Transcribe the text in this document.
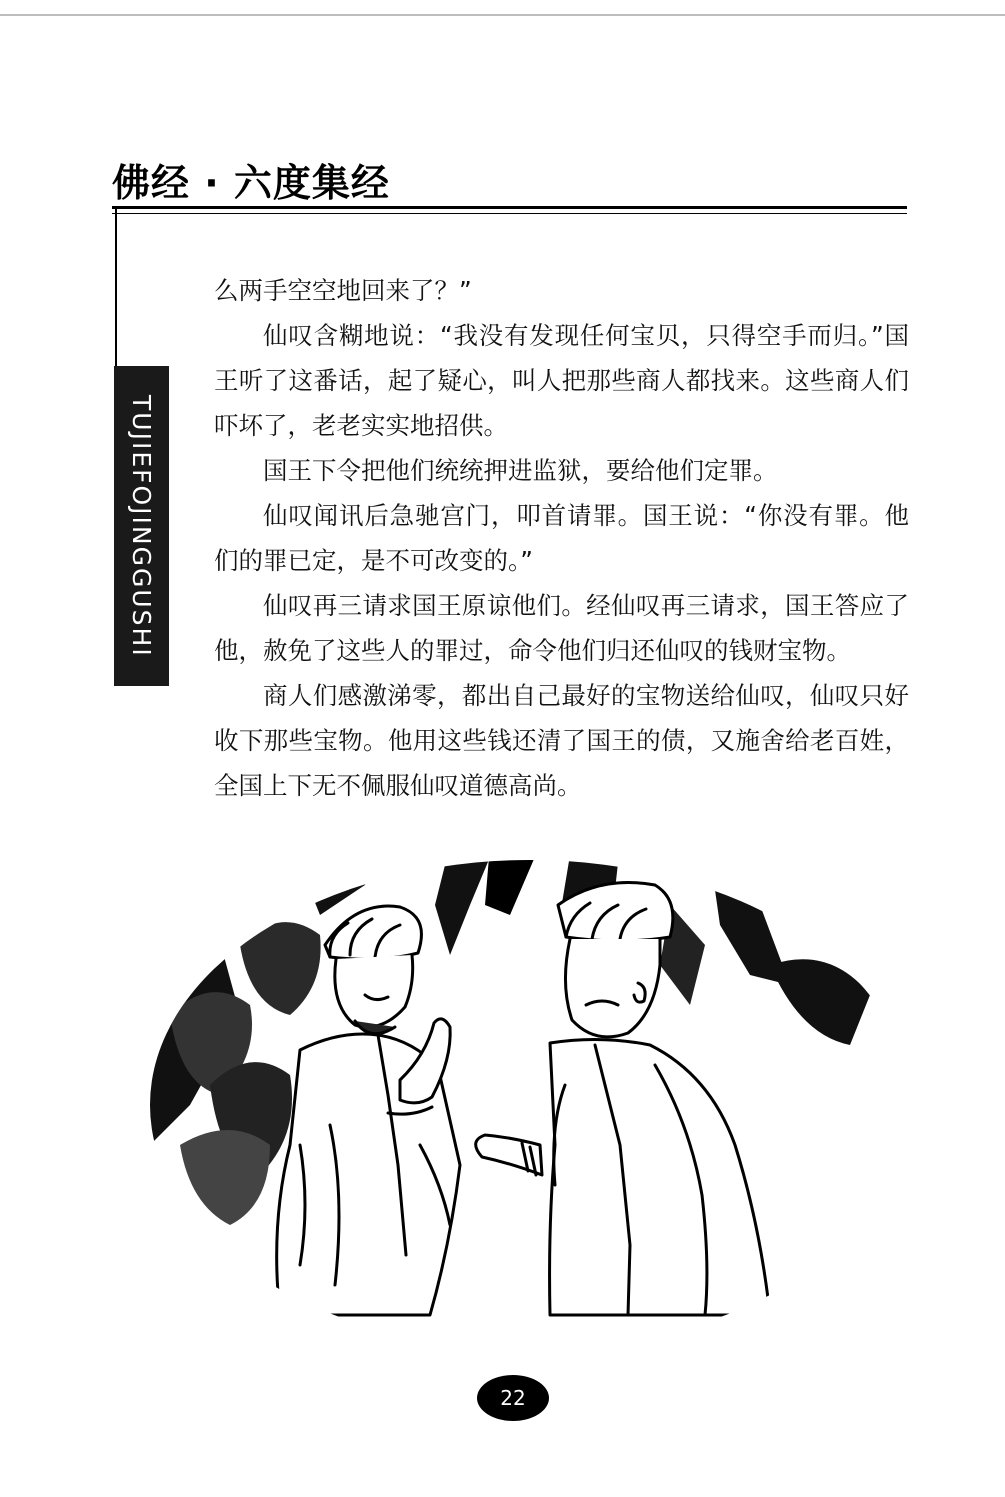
佛经 · 六度集经
TUJIEFOJINGGUSHI

么两手空空地回来了？”

仙叹含糊地说：“我没有发现任何宝贝，只得空手而归。”国王听了这番话，起了疑心，叫人把那些商人都找来。这些商人们吓坏了，老老实实地招供。

国王下令把他们统统押进监狱，要给他们定罪。

仙叹闻讯后急驰宫门，叩首请罪。国王说：“你没有罪。他们的罪已定，是不可改变的。”

仙叹再三请求国王原谅他们。经仙叹再三请求，国王答应了他，赦免了这些人的罪过，命令他们归还仙叹的钱财宝物。

商人们感激涕零，都出自己最好的宝物送给仙叹，仙叹只好收下那些宝物。他用这些钱还清了国王的债，又施舍给老百姓，全国上下无不佩服仙叹道德高尚。

22
